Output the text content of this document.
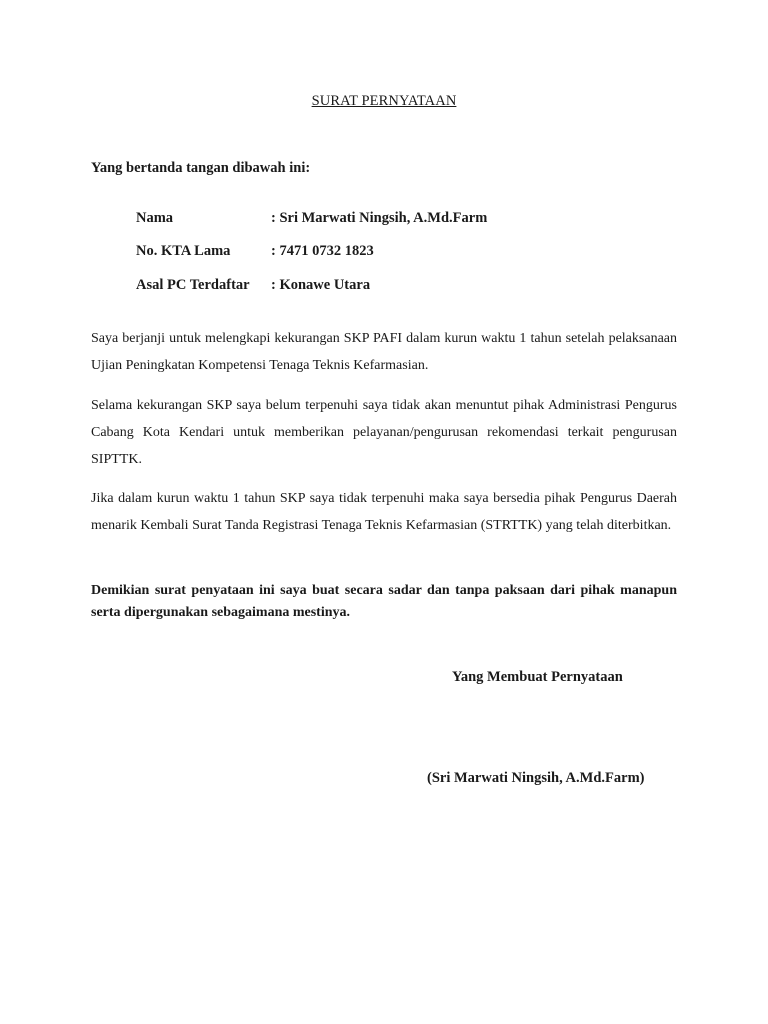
SURAT PERNYATAAN
Yang bertanda tangan dibawah ini:
Nama	: Sri Marwati Ningsih, A.Md.Farm
No. KTA Lama	: 7471 0732 1823
Asal PC Terdaftar : Konawe Utara

Saya berjanji untuk melengkapi kekurangan SKP PAFI dalam kurun waktu 1 tahun setelah pelaksanaan Ujian Peningkatan Kompetensi Tenaga Teknis Kefarmasian.

Selama kekurangan SKP saya belum terpenuhi saya tidak akan menuntut pihak Administrasi Pengurus Cabang Kota Kendari untuk memberikan pelayanan/pengurusan rekomendasi terkait pengurusan SIPTTK.

Jika dalam kurun waktu 1 tahun SKP saya tidak terpenuhi maka saya bersedia pihak Pengurus Daerah menarik Kembali Surat Tanda Registrasi Tenaga Teknis Kefarmasian (STRTTK) yang telah diterbitkan.

Demikian surat penyataan ini saya buat secara sadar dan tanpa paksaan dari pihak manapun serta dipergunakan sebagaimana mestinya.

Yang Membuat Pernyataan
(Sri Marwati Ningsih, A.Md.Farm)
